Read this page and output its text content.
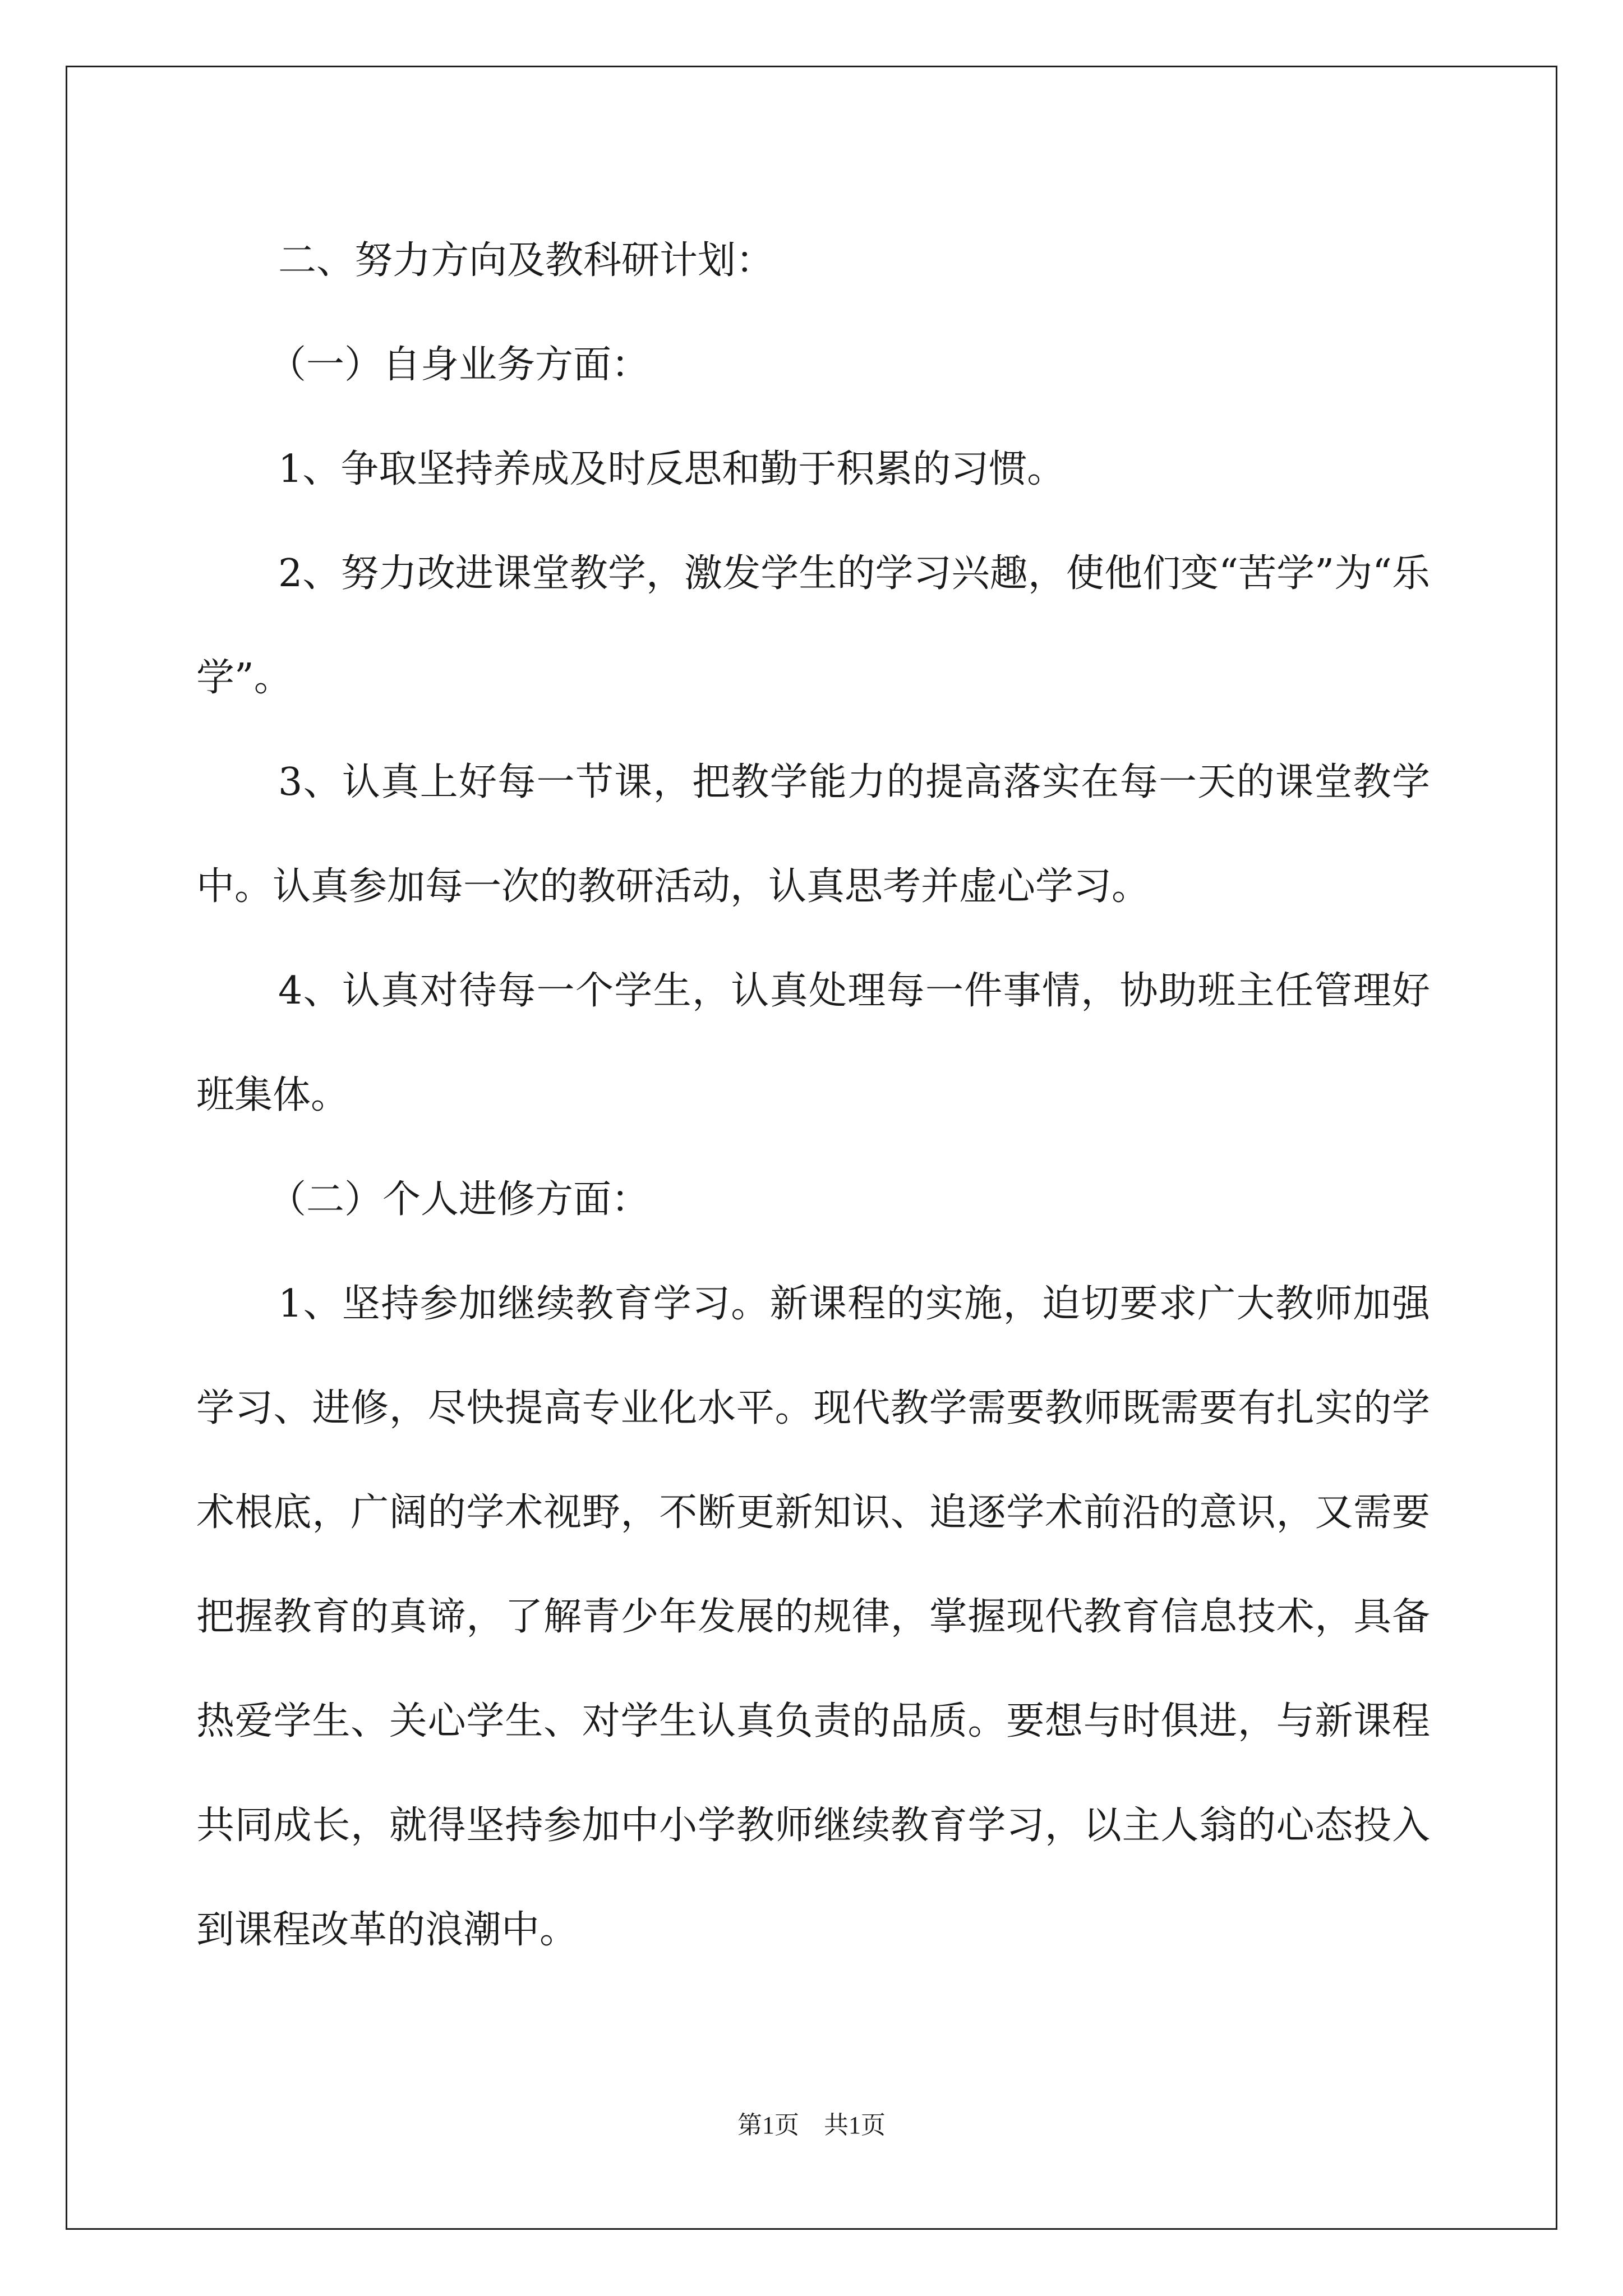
二、努力方向及教科研计划：

（一）自身业务方面：

1、争取坚持养成及时反思和勤于积累的习惯。

2、努力改进课堂教学，激发学生的学习兴趣，使他们变“苦学”为“乐学”。

3、认真上好每一节课，把教学能力的提高落实在每一天的课堂教学中。认真参加每一次的教研活动，认真思考并虚心学习。

4、认真对待每一个学生，认真处理每一件事情，协助班主任管理好班集体。

（二）个人进修方面：

1、坚持参加继续教育学习。新课程的实施，迫切要求广大教师加强学习、进修，尽快提高专业化水平。现代教学需要教师既需要有扎实的学术根底，广阔的学术视野，不断更新知识、追逐学术前沿的意识，又需要把握教育的真谛，了解青少年发展的规律，掌握现代教育信息技术，具备热爱学生、关心学生、对学生认真负责的品质。要想与时俱进，与新课程共同成长，就得坚持参加中小学教师继续教育学习，以主人翁的心态投入到课程改革的浪潮中。

第1页　共1页
